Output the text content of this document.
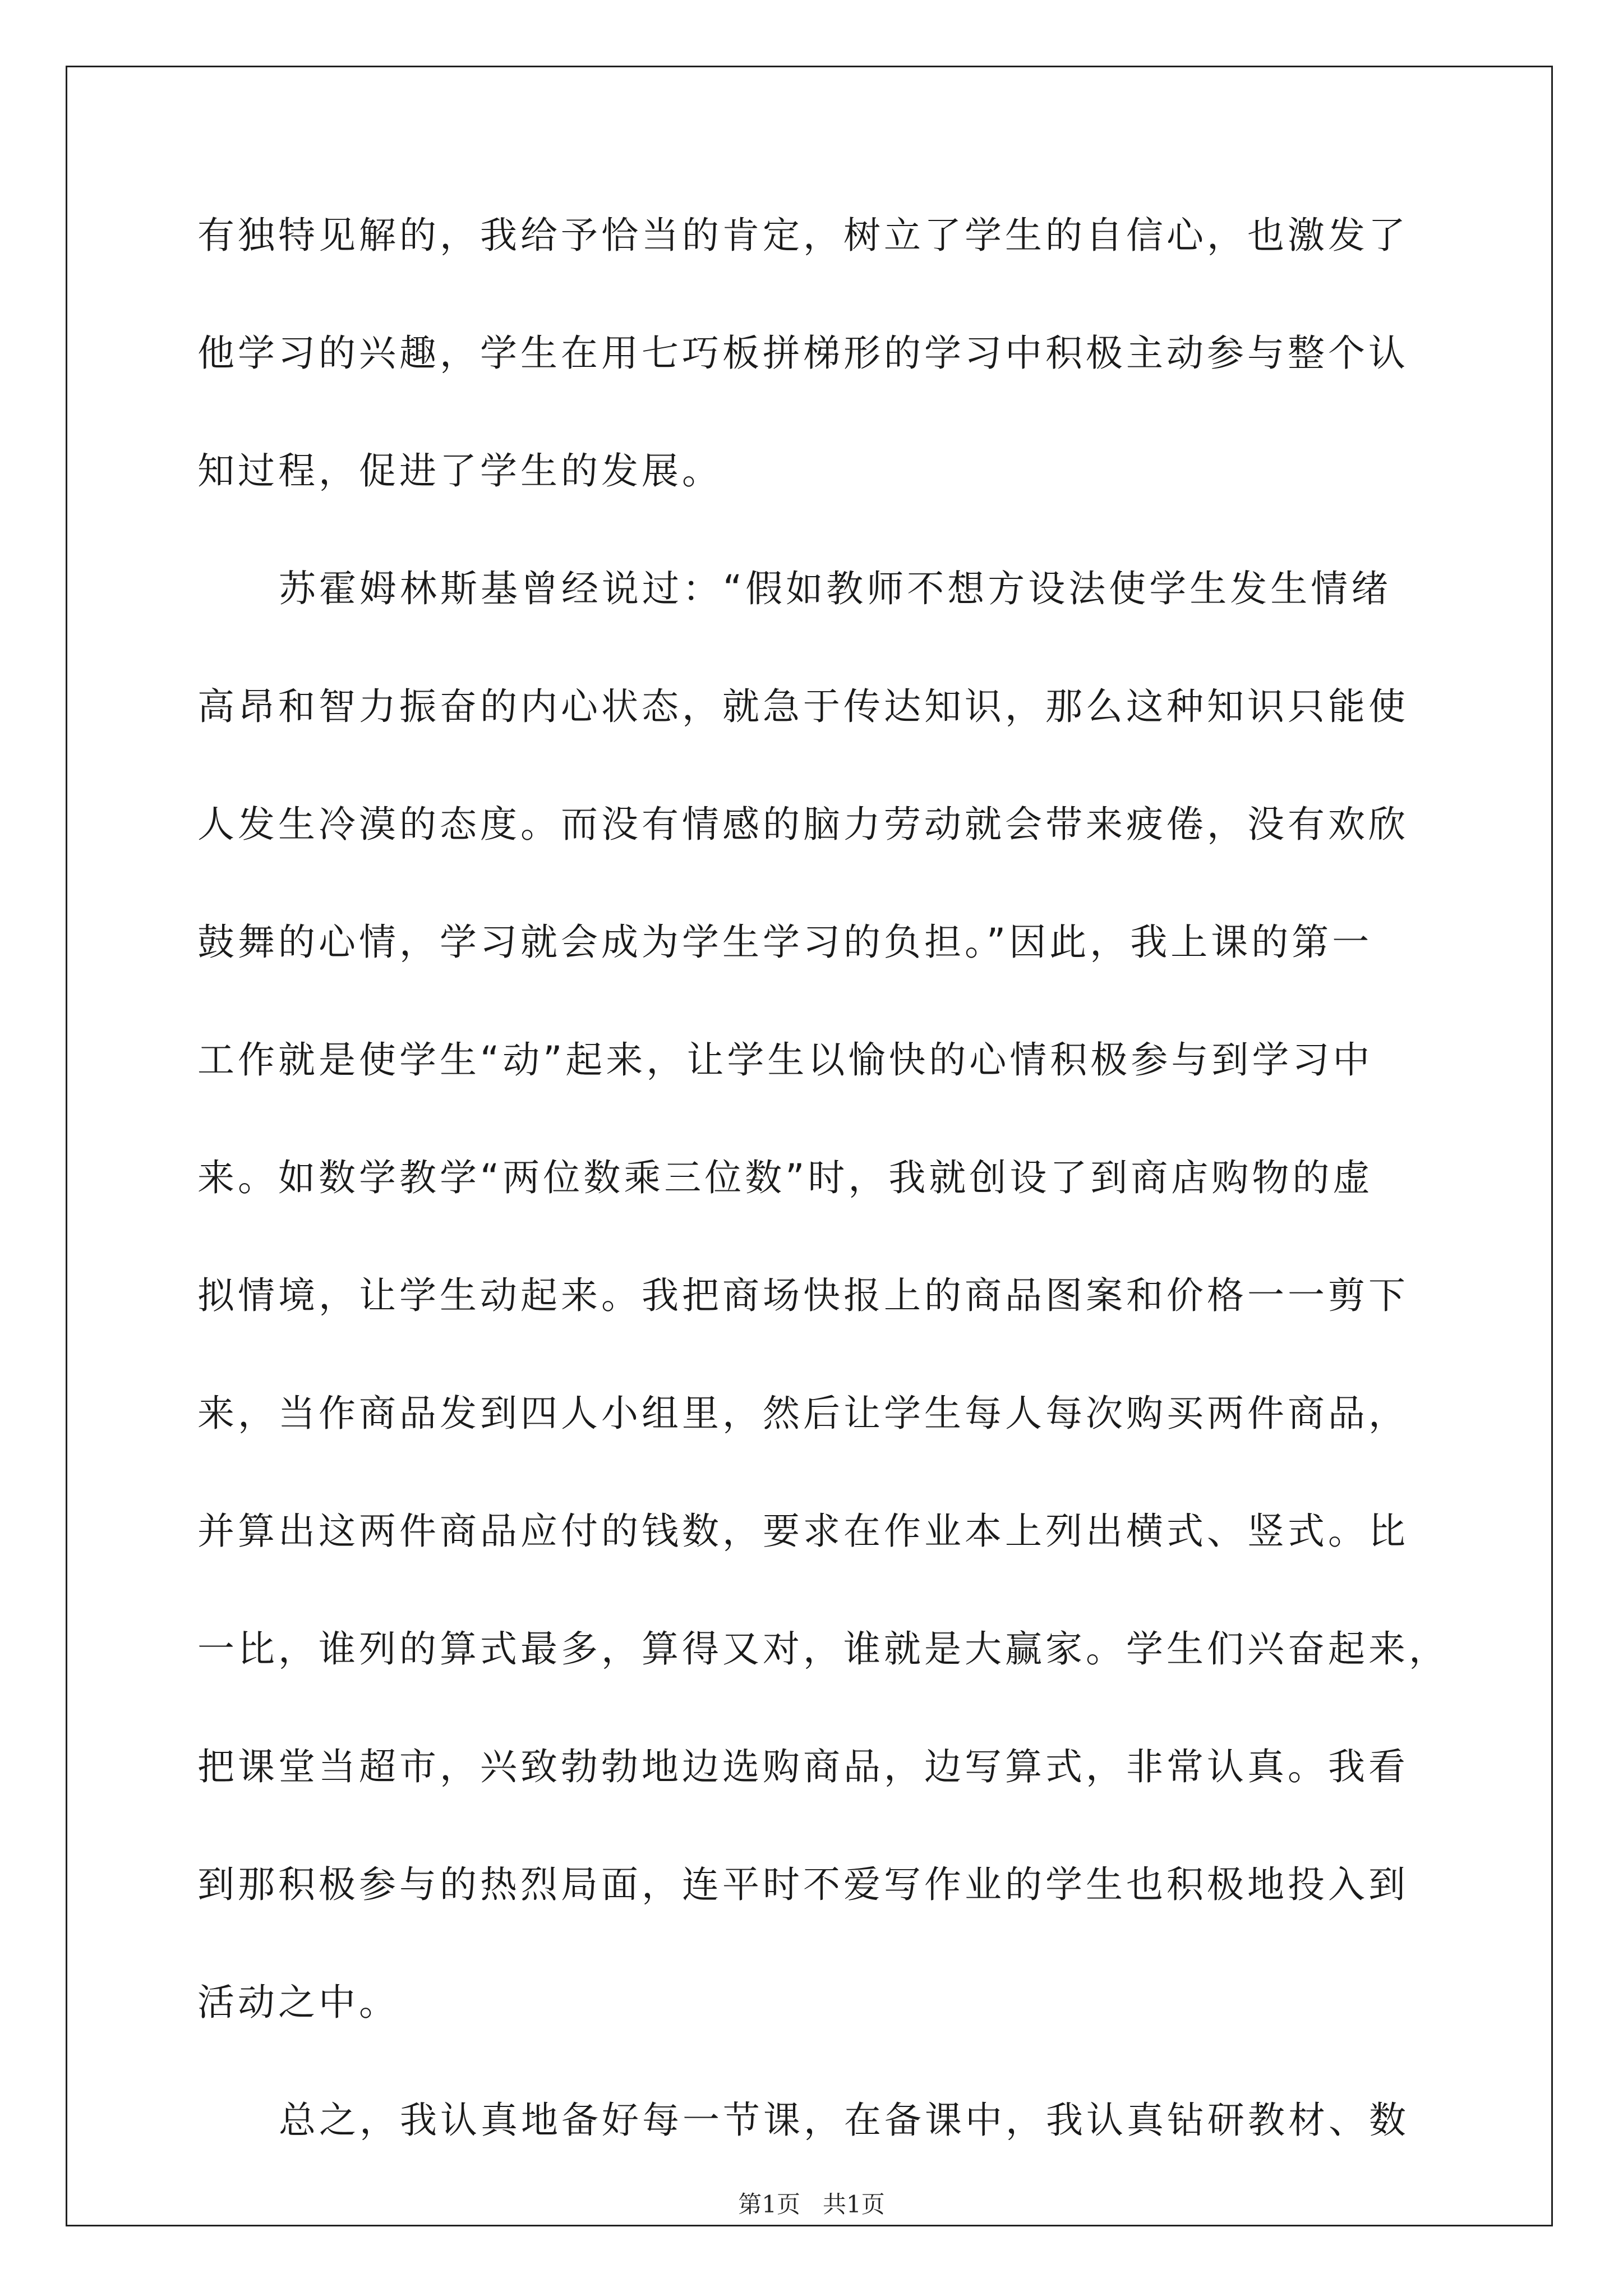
有独特见解的，我给予恰当的肯定，树立了学生的自信心，也激发了

他学习的兴趣，学生在用七巧板拼梯形的学习中积极主动参与整个认

知过程，促进了学生的发展。

苏霍姆林斯基曾经说过：“假如教师不想方设法使学生发生情绪

高昂和智力振奋的内心状态，就急于传达知识，那么这种知识只能使

人发生冷漠的态度。而没有情感的脑力劳动就会带来疲倦，没有欢欣

鼓舞的心情，学习就会成为学生学习的负担。”因此，我上课的第一

工作就是使学生“动”起来，让学生以愉快的心情积极参与到学习中

来。如数学教学“两位数乘三位数”时，我就创设了到商店购物的虚

拟情境，让学生动起来。我把商场快报上的商品图案和价格一一剪下

来，当作商品发到四人小组里，然后让学生每人每次购买两件商品，

并算出这两件商品应付的钱数，要求在作业本上列出横式、竖式。比

一比，谁列的算式最多，算得又对，谁就是大赢家。学生们兴奋起来，

把课堂当超市，兴致勃勃地边选购商品，边写算式，非常认真。我看

到那积极参与的热烈局面，连平时不爱写作业的学生也积极地投入到

活动之中。

总之，我认真地备好每一节课，在备课中，我认真钻研教材、数

第1页   共1页
